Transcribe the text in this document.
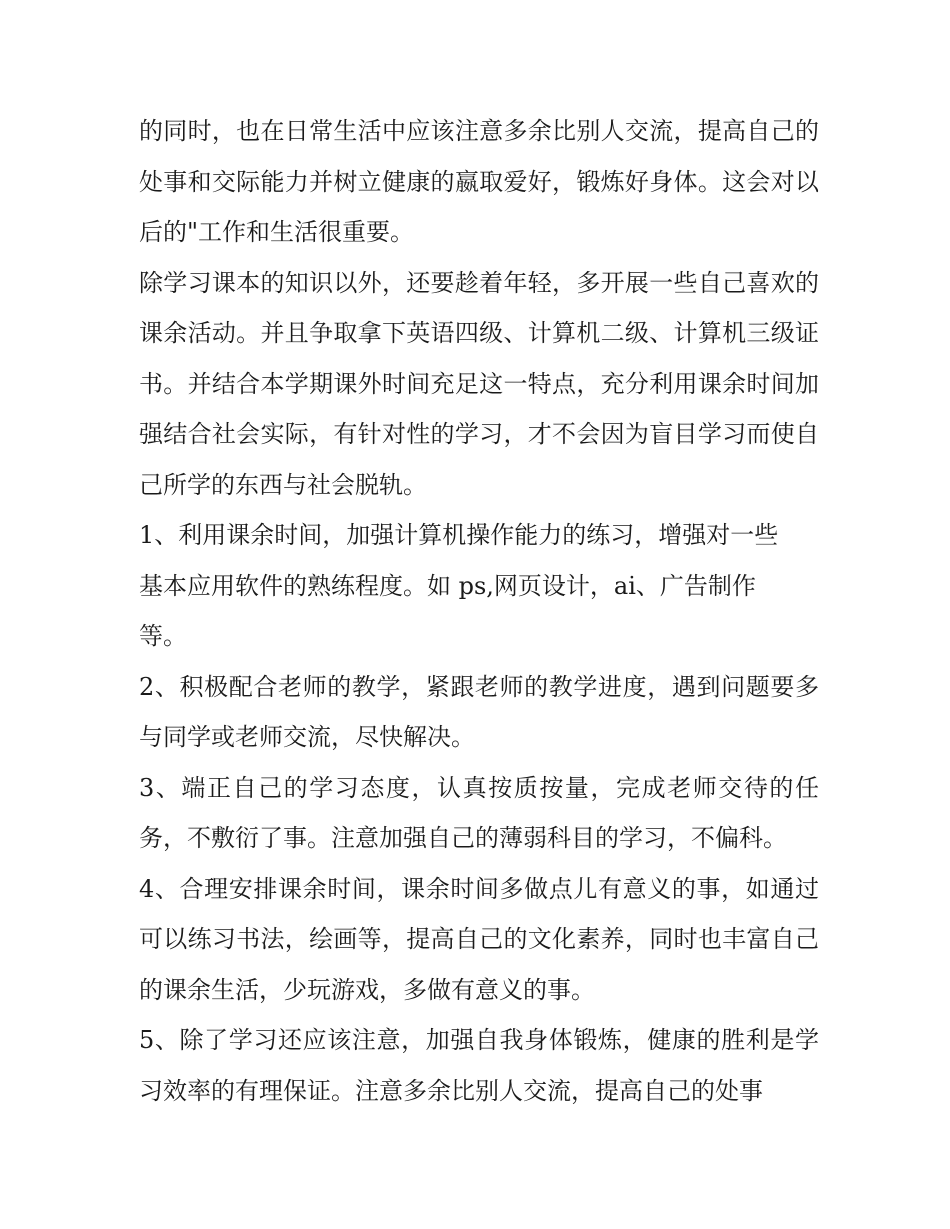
的同时，也在日常生活中应该注意多余比别人交流，提高自己的处事和交际能力并树立健康的嬴取爱好，锻炼好身体。这会对以后的"工作和生活很重要。

除学习课本的知识以外，还要趁着年轻，多开展一些自己喜欢的课余活动。并且争取拿下英语四级、计算机二级、计算机三级证书。并结合本学期课外时间充足这一特点，充分利用课余时间加强结合社会实际，有针对性的学习，才不会因为盲目学习而使自己所学的东西与社会脱轨。

1、利用课余时间，加强计算机操作能力的练习，增强对一些基本应用软件的熟练程度。如 ps,网页设计，ai、广告制作等。

2、积极配合老师的教学，紧跟老师的教学进度，遇到问题要多与同学或老师交流，尽快解决。

3、端正自己的学习态度，认真按质按量，完成老师交待的任务，不敷衍了事。注意加强自己的薄弱科目的学习，不偏科。

4、合理安排课余时间，课余时间多做点儿有意义的事，如通过可以练习书法，绘画等，提高自己的文化素养，同时也丰富自己的课余生活，少玩游戏，多做有意义的事。

5、除了学习还应该注意，加强自我身体锻炼，健康的胜利是学习效率的有理保证。注意多余比别人交流，提高自己的处事
